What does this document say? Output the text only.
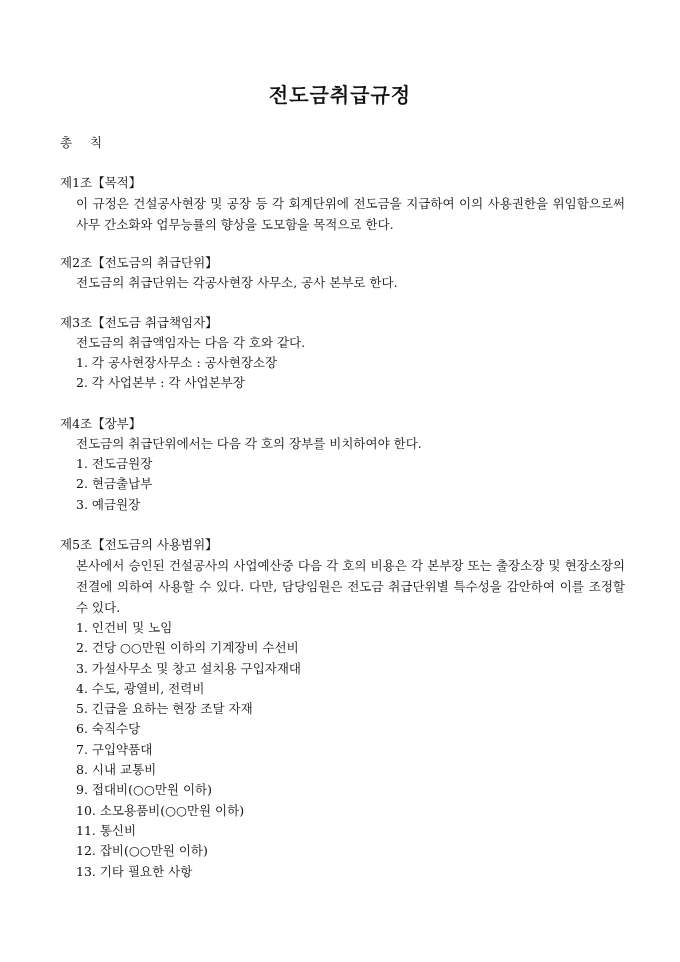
전도금취급규정

총 칙

제1조【목적】

이 규정은 건설공사현장 및 공장 등 각 회계단위에 전도금을 지급하여 이의 사용권한을 위임함으로써 사무 간소화와 업무능률의 향상을 도모함을 목적으로 한다.

제2조【전도금의 취급단위】

전도금의 취급단위는 각공사현장 사무소, 공사 본부로 한다.

제3조【전도금 취급책임자】

전도금의 취급액임자는 다음 각 호와 같다.

1. 각 공사현장사무소 : 공사현장소장
2. 각 사업본부 : 각 사업본부장

제4조【장부】

전도금의 취급단위에서는 다음 각 호의 장부를 비치하여야 한다.

1. 전도금원장
2. 현금출납부
3. 예금원장

제5조【전도금의 사용범위】

본사에서 승인된 건설공사의 사업예산중 다음 각 호의 비용은 각 본부장 또는 출장소장 및 현장소장의 전결에 의하여 사용할 수 있다. 다만, 담당임원은 전도금 취급단위별 특수성을 감안하여 이를 조정할 수 있다.

1. 인건비 및 노임
2. 건당 ○○만원 이하의 기계장비 수선비
3. 가설사무소 및 창고 설치용 구입자재대
4. 수도, 광열비, 전력비
5. 긴급을 요하는 현장 조달 자재
6. 숙직수당
7. 구입약품대
8. 시내 교통비
9. 접대비(○○만원 이하)
10. 소모용품비(○○만원 이하)
11. 통신비
12. 잡비(○○만원 이하)
13. 기타 필요한 사항
